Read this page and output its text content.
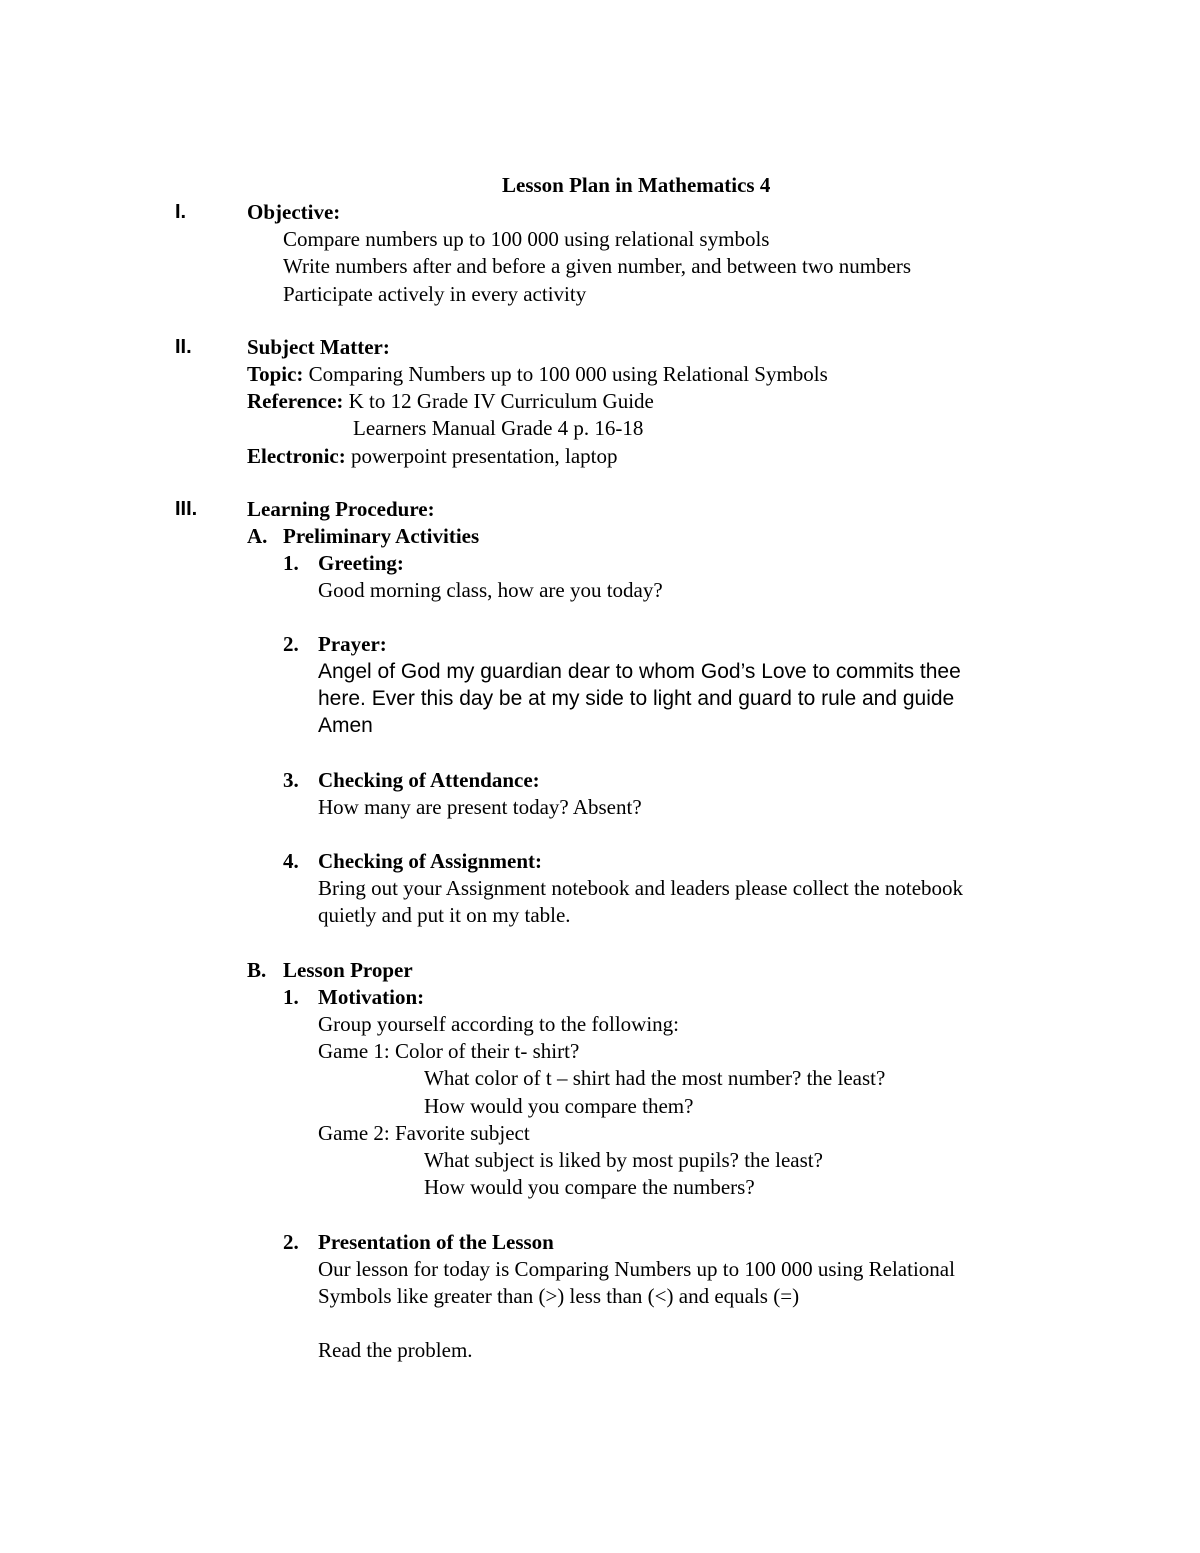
Lesson Plan in Mathematics 4
I.	Objective:
Compare numbers up to 100 000 using relational symbols
Write numbers after and before a given number, and between two numbers
Participate actively in every activity
II.	Subject Matter:
Topic: Comparing Numbers up to 100 000 using Relational Symbols
Reference: K to 12 Grade IV Curriculum Guide
Learners Manual Grade 4 p. 16-18
Electronic: powerpoint presentation, laptop
III. Learning Procedure:
A. Preliminary Activities
1. Greeting:
Good morning class, how are you today?
2. Prayer:
Angel of God my guardian dear to whom God’s Love to commits thee
here. Ever this day be at my side to light and guard to rule and guide
Amen
3. Checking of Attendance:
How many are present today? Absent?
4. Checking of Assignment:
Bring out your Assignment notebook and leaders please collect the notebook
quietly and put it on my table.
B. Lesson Proper
1. Motivation:
Group yourself according to the following:
Game 1: Color of their t- shirt?
What color of t – shirt had the most number? the least?
How would you compare them?
Game 2: Favorite subject
What subject is liked by most pupils? the least?
How would you compare the numbers?
2. Presentation of the Lesson
Our lesson for today is Comparing Numbers up to 100 000 using Relational
Symbols like greater than (>) less than (<) and equals (=)
Read the problem.
